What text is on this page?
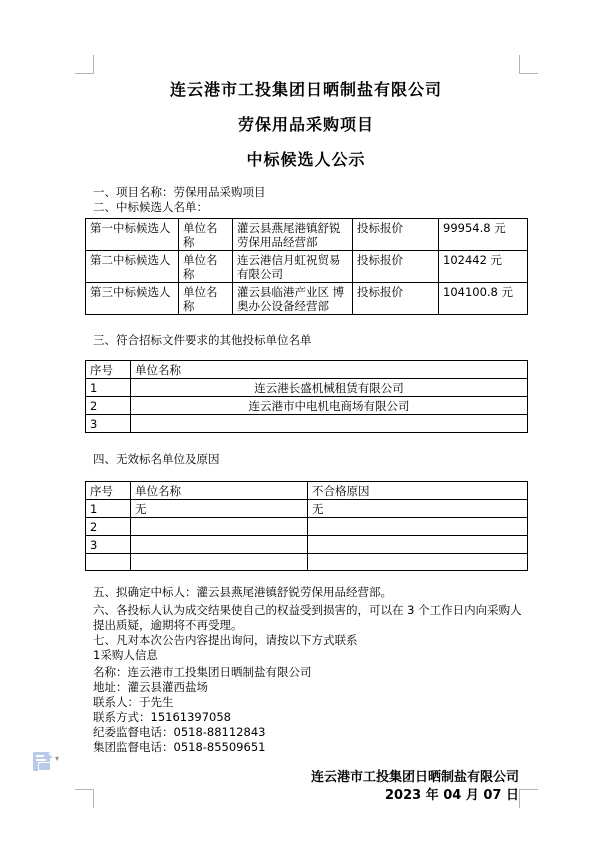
连云港市工投集团日晒制盐有限公司

劳保用品采购项目

中标候选人公示

一、项目名称：劳保用品采购项目

二、中标候选人名单：

第一中标候选人	单位名称	灌云县燕尾港镇舒锐劳保用品经营部	投标报价	99954.8 元
第二中标候选人	单位名称	连云港信月虹祝贸易有限公司	投标报价	102442 元
第三中标候选人	单位名称	灌云县临港产业区 博奥办公设备经营部	投标报价	104100.8 元

三、符合招标文件要求的其他投标单位名单

序号	单位名称
1	连云港长盛机械租赁有限公司
2	连云港市中电机电商场有限公司
3	

四、无效标名单位及原因

序号	单位名称	不合格原因
1	无	无
2		
3		

五、拟确定中标人：灌云县燕尾港镇舒锐劳保用品经营部。

六、各投标人认为成交结果使自己的权益受到损害的，可以在 3 个工作日内向采购人提出质疑，逾期将不再受理。

七、凡对本次公告内容提出询问，请按以下方式联系

1采购人信息

名称：连云港市工投集团日晒制盐有限公司

地址：灌云县灌西盐场

联系人：于先生

联系方式：15161397058

纪委监督电话：0518-88112843

集团监督电话：0518-85509651

连云港市工投集团日晒制盐有限公司
2023 年 04 月 07 日
▾
